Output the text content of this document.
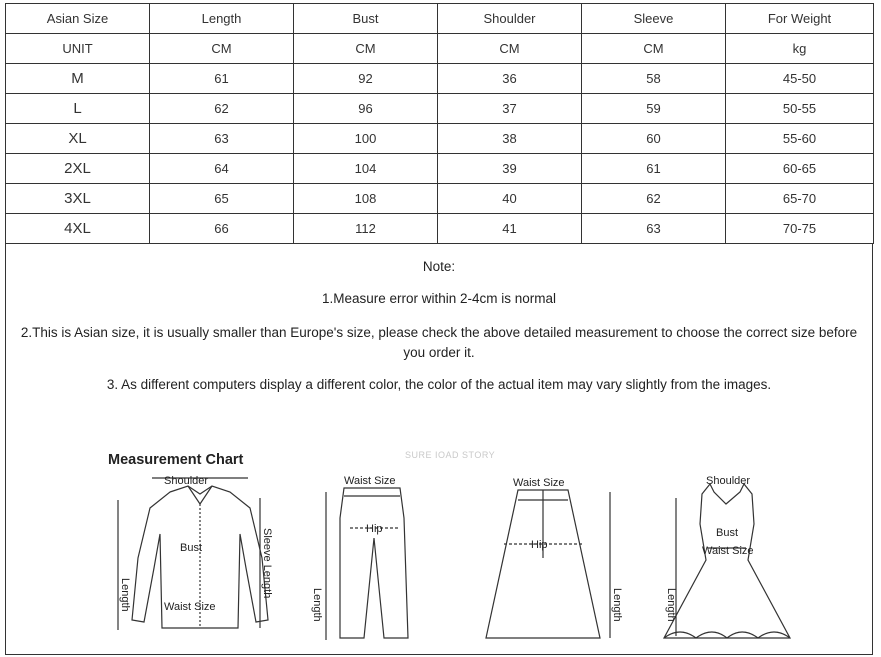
Asian Size	Length	Bust	Shoulder	Sleeve	For Weight
UNIT	CM	CM	CM	CM	kg
M	61	92	36	58	45-50
L	62	96	37	59	50-55
XL	63	100	38	60	55-60
2XL	64	104	39	61	60-65
3XL	65	108	40	62	65-70
4XL	66	112	41	63	70-75
Note:
1.Measure error within 2-4cm is normal
2.This is Asian size, it is usually smaller than Europe's size, please check the above detailed measurement to choose the correct size before
you order it.
3. As different computers display a different color, the color of the actual item may vary slightly from the images.
Measurement Chart	SURE IOAD STORY
Shoulder
Bust
Waist Size
Length	Sleeve Length
Waist Size
Hip
Length
Waist Size
Hip
Length
Shoulder
Bust
Waist Size
Length
